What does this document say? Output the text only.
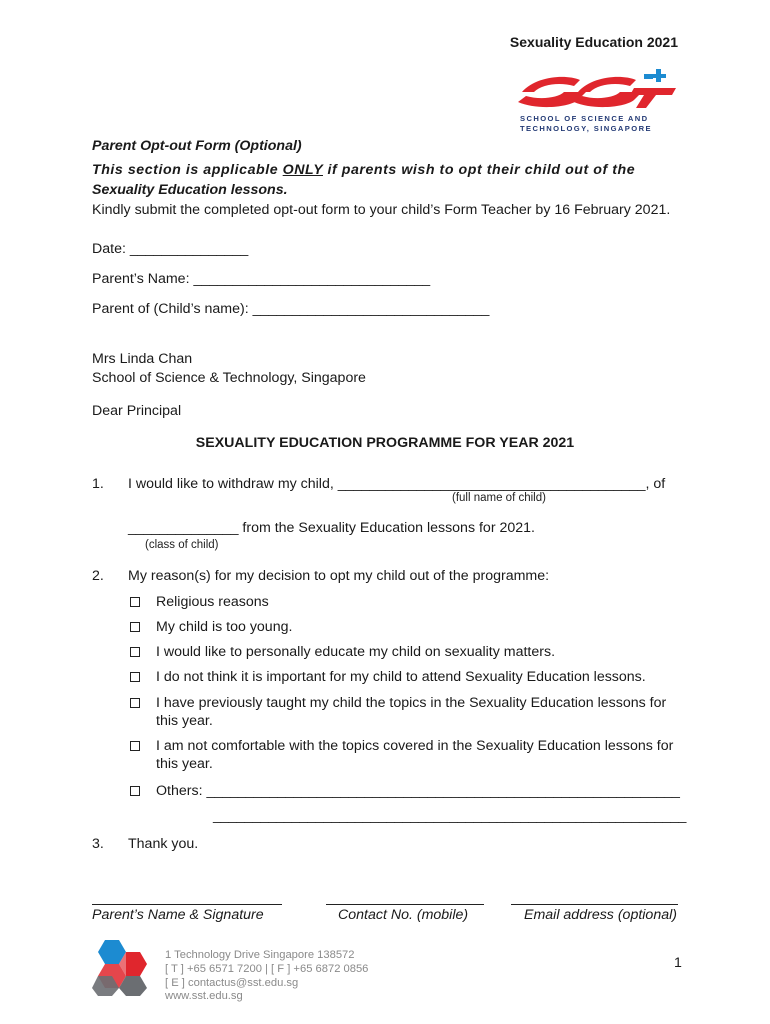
Sexuality Education 2021
SCHOOL OF SCIENCE AND
TECHNOLOGY, SINGAPORE
Parent Opt-out Form (Optional)
This section is applicable ONLY if parents wish to opt their child out of the
Sexuality Education lessons.
Kindly submit the completed opt-out form to your child’s Form Teacher by 16 February 2021.
Date: _______________
Parent’s Name: ______________________________
Parent of (Child’s name): ______________________________
Mrs Linda Chan
School of Science & Technology, Singapore
Dear Principal
SEXUALITY EDUCATION PROGRAMME FOR YEAR 2021
1. I would like to withdraw my child, _______________________________________, of
(full name of child)
______________ from the Sexuality Education lessons for 2021.
(class of child)
2. My reason(s) for my decision to opt my child out of the programme:
Religious reasons
My child is too young.
I would like to personally educate my child on sexuality matters.
I do not think it is important for my child to attend Sexuality Education lessons.
I have previously taught my child the topics in the Sexuality Education lessons for this year.
I am not comfortable with the topics covered in the Sexuality Education lessons for this year.
Others: ____________________________________________________________
____________________________________________________________
3. Thank you.
Parent’s Name & Signature	Contact No. (mobile)	Email address (optional)
1 Technology Drive Singapore 138572
[ T ] +65 6571 7200 | [ F ] +65 6872 0856
[ E ] contactus@sst.edu.sg
www.sst.edu.sg
1
